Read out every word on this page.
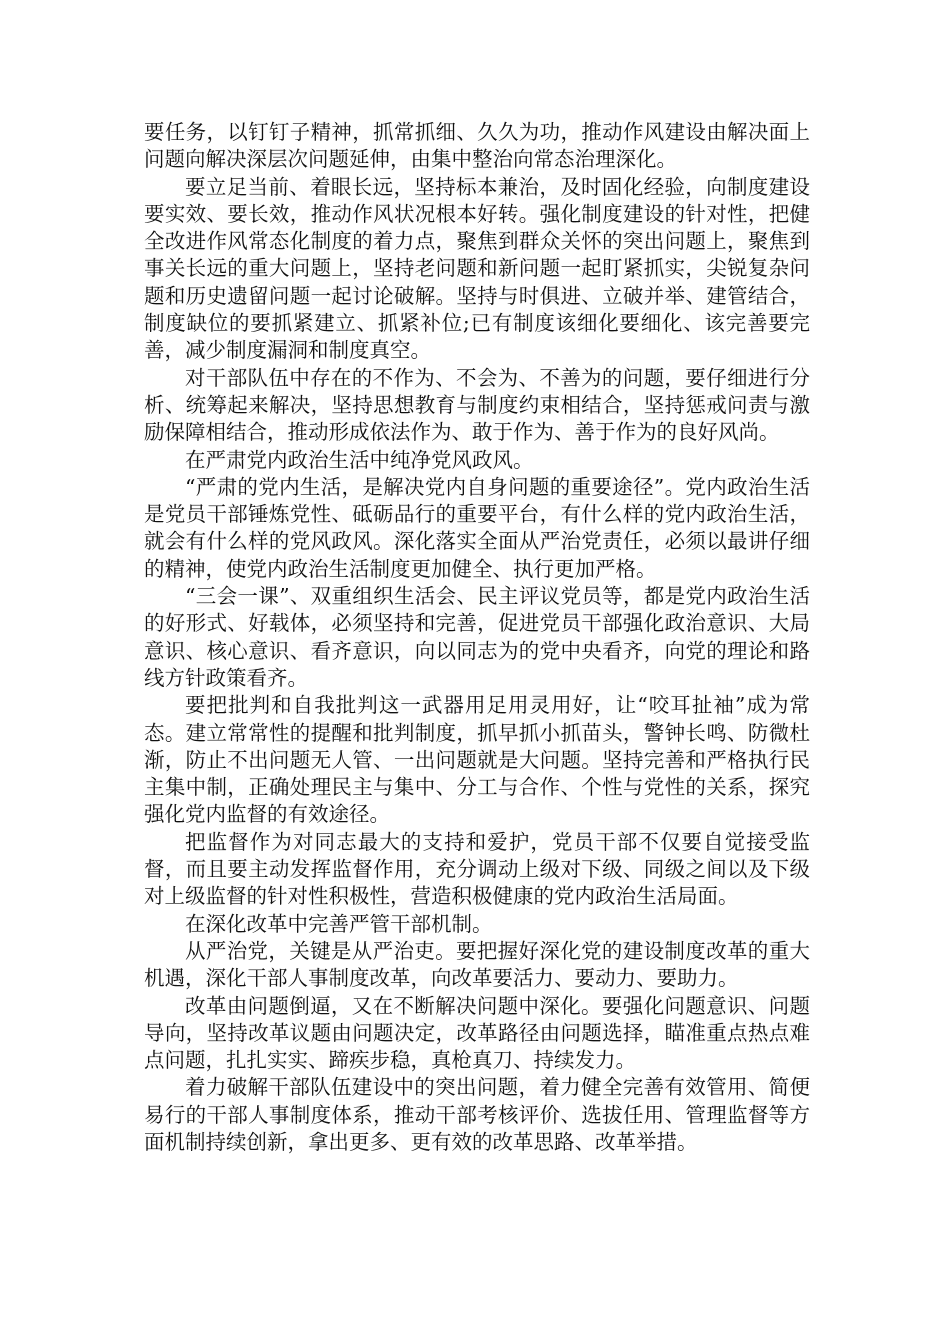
要任务，以钉钉子精神，抓常抓细、久久为功，推动作风建设由解决面上问题向解决深层次问题延伸，由集中整治向常态治理深化。

要立足当前、着眼长远，坚持标本兼治，及时固化经验，向制度建设要实效、要长效，推动作风状况根本好转。强化制度建设的针对性，把健全改进作风常态化制度的着力点，聚焦到群众关怀的突出问题上，聚焦到事关长远的重大问题上，坚持老问题和新问题一起盯紧抓实，尖锐复杂问题和历史遗留问题一起讨论破解。坚持与时俱进、立破并举、建管结合，制度缺位的要抓紧建立、抓紧补位;已有制度该细化要细化、该完善要完善，减少制度漏洞和制度真空。

对干部队伍中存在的不作为、不会为、不善为的问题，要仔细进行分析、统筹起来解决，坚持思想教育与制度约束相结合，坚持惩戒问责与激励保障相结合，推动形成依法作为、敢于作为、善于作为的良好风尚。

在严肃党内政治生活中纯净党风政风。

“严肃的党内生活，是解决党内自身问题的重要途径”。党内政治生活是党员干部锤炼党性、砥砺品行的重要平台，有什么样的党内政治生活，就会有什么样的党风政风。深化落实全面从严治党责任，必须以最讲仔细的精神，使党内政治生活制度更加健全、执行更加严格。

“三会一课”、双重组织生活会、民主评议党员等，都是党内政治生活的好形式、好载体，必须坚持和完善，促进党员干部强化政治意识、大局意识、核心意识、看齐意识，向以同志为的党中央看齐，向党的理论和路线方针政策看齐。

要把批判和自我批判这一武器用足用灵用好，让“咬耳扯袖”成为常态。建立常常性的提醒和批判制度，抓早抓小抓苗头，警钟长鸣、防微杜渐，防止不出问题无人管、一出问题就是大问题。坚持完善和严格执行民主集中制，正确处理民主与集中、分工与合作、个性与党性的关系，探究强化党内监督的有效途径。

把监督作为对同志最大的支持和爱护，党员干部不仅要自觉接受监督，而且要主动发挥监督作用，充分调动上级对下级、同级之间以及下级对上级监督的针对性积极性，营造积极健康的党内政治生活局面。

在深化改革中完善严管干部机制。

从严治党，关键是从严治吏。要把握好深化党的建设制度改革的重大机遇，深化干部人事制度改革，向改革要活力、要动力、要助力。

改革由问题倒逼，又在不断解决问题中深化。要强化问题意识、问题导向，坚持改革议题由问题决定，改革路径由问题选择，瞄准重点热点难点问题，扎扎实实、蹄疾步稳，真枪真刀、持续发力。

着力破解干部队伍建设中的突出问题，着力健全完善有效管用、简便易行的干部人事制度体系，推动干部考核评价、选拔任用、管理监督等方面机制持续创新，拿出更多、更有效的改革思路、改革举措。
